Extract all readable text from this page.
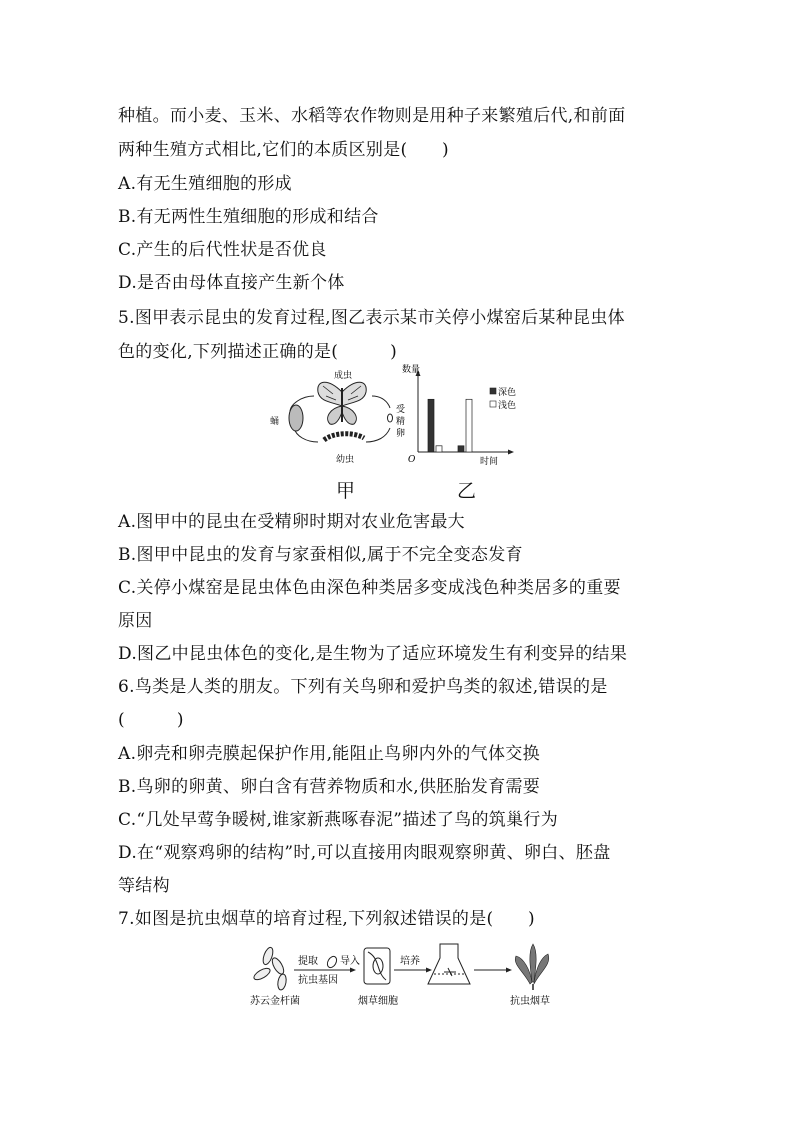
种植。而小麦、玉米、水稻等农作物则是用种子来繁殖后代,和前面
两种生殖方式相比,它们的本质区别是(　　)
A.有无生殖细胞的形成
B.有无两性生殖细胞的形成和结合
C.产生的后代性状是否优良
D.是否由母体直接产生新个体
5.图甲表示昆虫的发育过程,图乙表示某市关停小煤窑后某种昆虫体
色的变化,下列描述正确的是(　　　)
成虫
蛹
受
精
卵
幼虫
甲
数量
O	时间
深色
浅色
乙
A.图甲中的昆虫在受精卵时期对农业危害最大
B.图甲中昆虫的发育与家蚕相似,属于不完全变态发育
C.关停小煤窑是昆虫体色由深色种类居多变成浅色种类居多的重要
原因
D.图乙中昆虫体色的变化,是生物为了适应环境发生有利变异的结果
6.鸟类是人类的朋友。下列有关鸟卵和爱护鸟类的叙述,错误的是
(　　　)
A.卵壳和卵壳膜起保护作用,能阻止鸟卵内外的气体交换
B.鸟卵的卵黄、卵白含有营养物质和水,供胚胎发育需要
C.“几处早莺争暖树,谁家新燕啄春泥”描述了鸟的筑巢行为
D.在“观察鸡卵的结构”时,可以直接用肉眼观察卵黄、卵白、胚盘
等结构
7.如图是抗虫烟草的培育过程,下列叙述错误的是(　　)
提取
抗虫基因
导入	培养
苏云金杆菌	烟草细胞	抗虫烟草
